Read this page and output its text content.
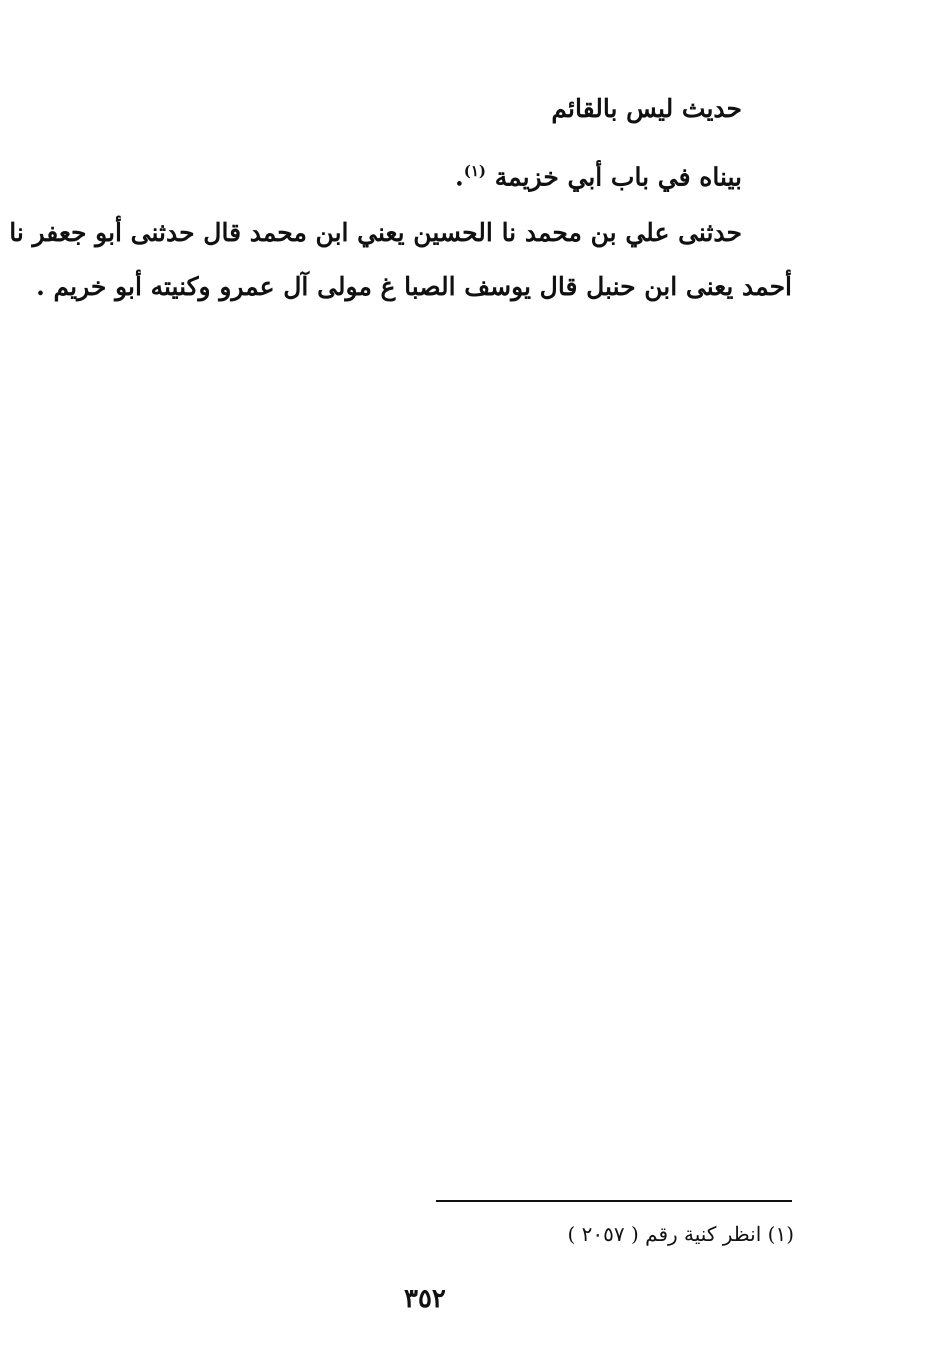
حديث ليس بالقائم
بيناه في باب أبي خزيمة $^{(١)}$.
حدثنى علي بن محمد نا الحسين يعني ابن محمد قال حدثنى أبو جعفر نا
أحمد يعنى ابن حنبل قال يوسف الصبا غ مولى آل عمرو وكنيته أبو خريم .
(١) انظر كنية رقم ( ٢٠٥٧ )
٣٥٢
